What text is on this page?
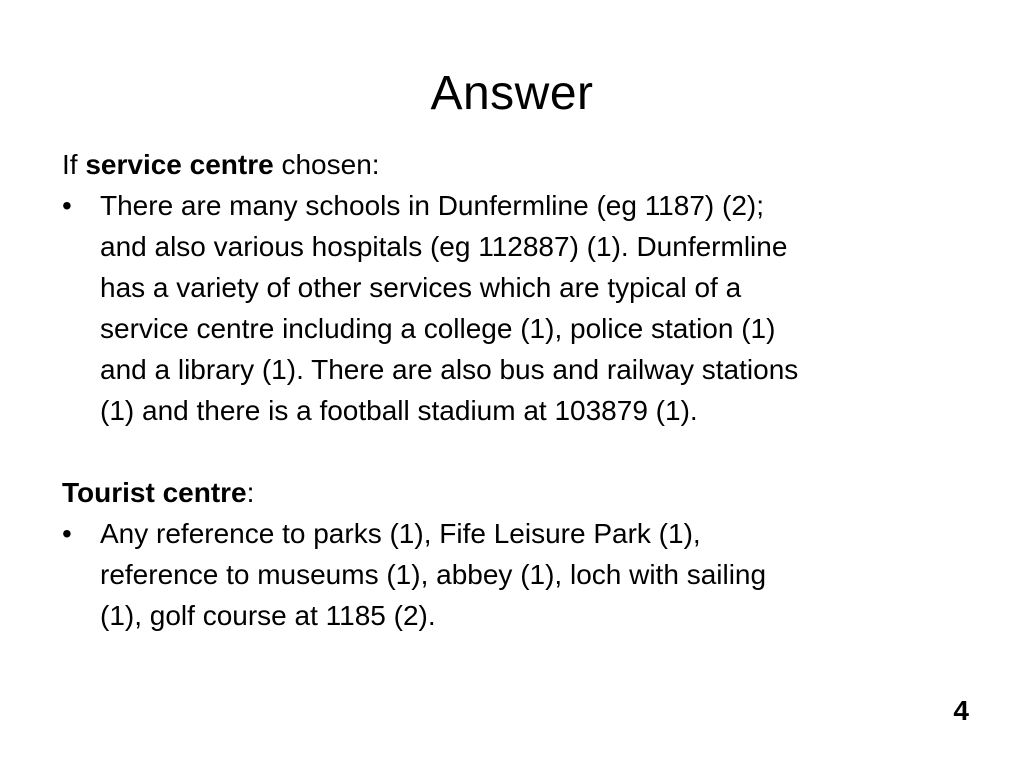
Answer

If service centre chosen:

•	There are many schools in Dunfermline (eg 1187) (2);
and also various hospitals (eg 112887) (1). Dunfermline
has a variety of other services which are typical of a
service centre including a college (1), police station (1)
and a library (1). There are also bus and railway stations
(1) and there is a football stadium at 103879 (1).

Tourist centre:

•	Any reference to parks (1), Fife Leisure Park (1),
reference to museums (1), abbey (1), loch with sailing
(1), golf course at 1185 (2).
4
